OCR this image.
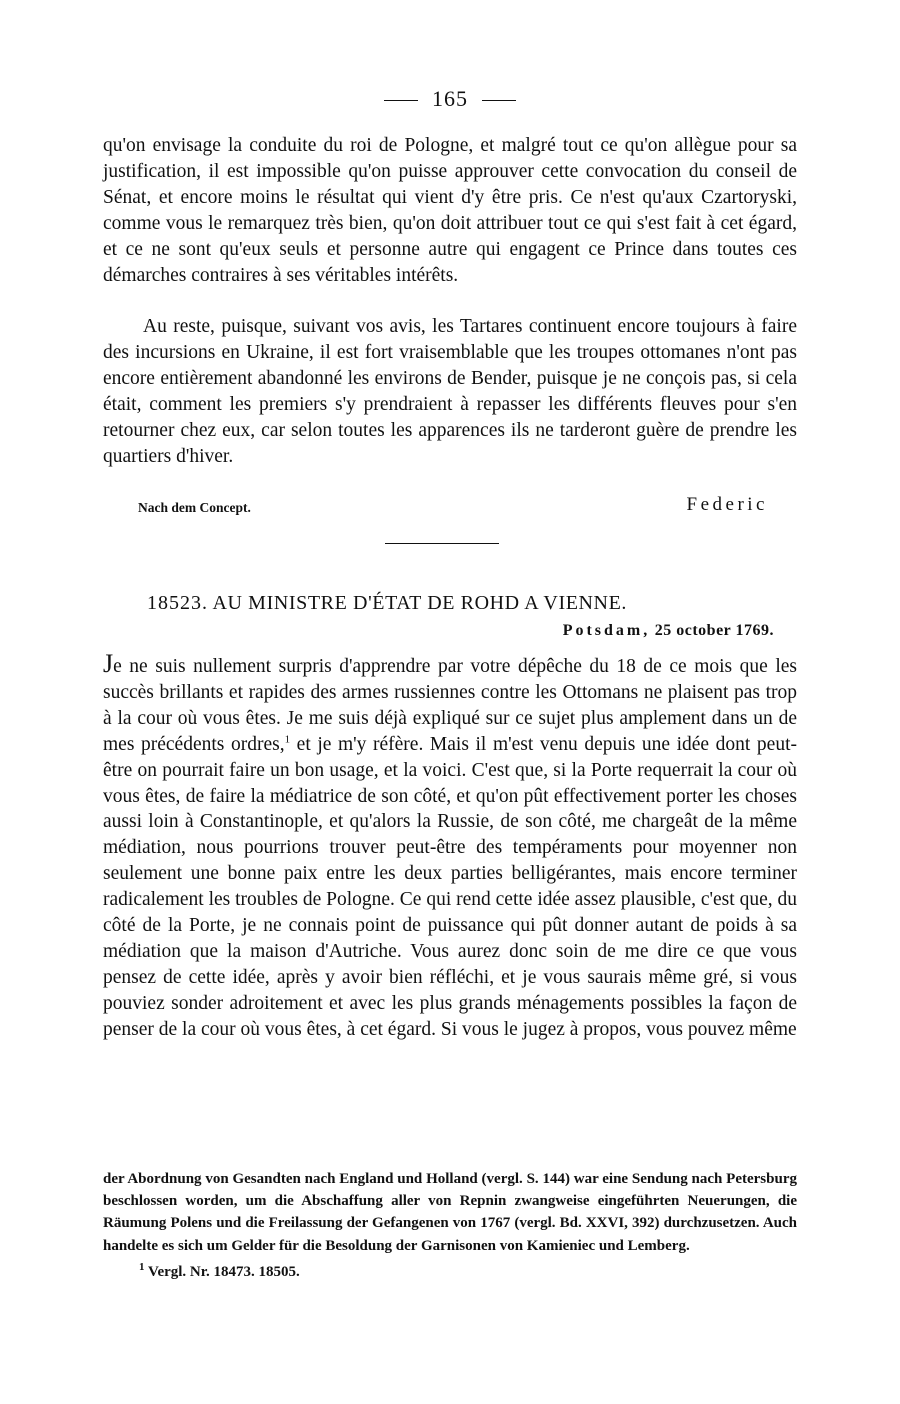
165

qu'on envisage la conduite du roi de Pologne, et malgré tout ce qu'on allègue pour sa justification, il est impossible qu'on puisse approuver cette convocation du conseil de Sénat, et encore moins le résultat qui vient d'y être pris. Ce n'est qu'aux Czartoryski, comme vous le remarquez très bien, qu'on doit attribuer tout ce qui s'est fait à cet égard, et ce ne sont qu'eux seuls et personne autre qui engagent ce Prince dans toutes ces démarches contraires à ses véritables intérêts.

Au reste, puisque, suivant vos avis, les Tartares continuent encore toujours à faire des incursions en Ukraine, il est fort vraisemblable que les troupes ottomanes n'ont pas encore entièrement abandonné les environs de Bender, puisque je ne conçois pas, si cela était, comment les premiers s'y prendraient à repasser les différents fleuves pour s'en retourner chez eux, car selon toutes les apparences ils ne tarderont guère de prendre les quartiers d'hiver.

Nach dem Concept.	Federic
18523. AU MINISTRE D'ÉTAT DE ROHD A VIENNE.
Potsdam, 25 october 1769.

Je ne suis nullement surpris d'apprendre par votre dépêche du 18 de ce mois que les succès brillants et rapides des armes russiennes contre les Ottomans ne plaisent pas trop à la cour où vous êtes. Je me suis déjà expliqué sur ce sujet plus amplement dans un de mes précédents ordres,$^1$ et je m'y réfère. Mais il m'est venu depuis une idée dont peut-être on pourrait faire un bon usage, et la voici. C'est que, si la Porte requerrait la cour où vous êtes, de faire la médiatrice de son côté, et qu'on pût effectivement porter les choses aussi loin à Constantinople, et qu'alors la Russie, de son côté, me chargeât de la même médiation, nous pourrions trouver peut-être des tempéraments pour moyenner non seulement une bonne paix entre les deux parties belligérantes, mais encore terminer radicalement les troubles de Pologne. Ce qui rend cette idée assez plausible, c'est que, du côté de la Porte, je ne connais point de puissance qui pût donner autant de poids à sa médiation que la maison d'Autriche. Vous aurez donc soin de me dire ce que vous pensez de cette idée, après y avoir bien réfléchi, et je vous saurais même gré, si vous pouviez sonder adroitement et avec les plus grands ménagements possibles la façon de penser de la cour où vous êtes, à cet égard. Si vous le jugez à propos, vous pouvez même

der Abordnung von Gesandten nach England und Holland (vergl. S. 144) war eine Sendung nach Petersburg beschlossen worden, um die Abschaffung aller von Repnin zwangweise eingeführten Neuerungen, die Räumung Polens und die Freilassung der Gefangenen von 1767 (vergl. Bd. XXVI, 392) durchzusetzen. Auch handelte es sich um Gelder für die Besoldung der Garnisonen von Kamieniec und Lemberg.

$^1$ Vergl. Nr. 18473. 18505.
